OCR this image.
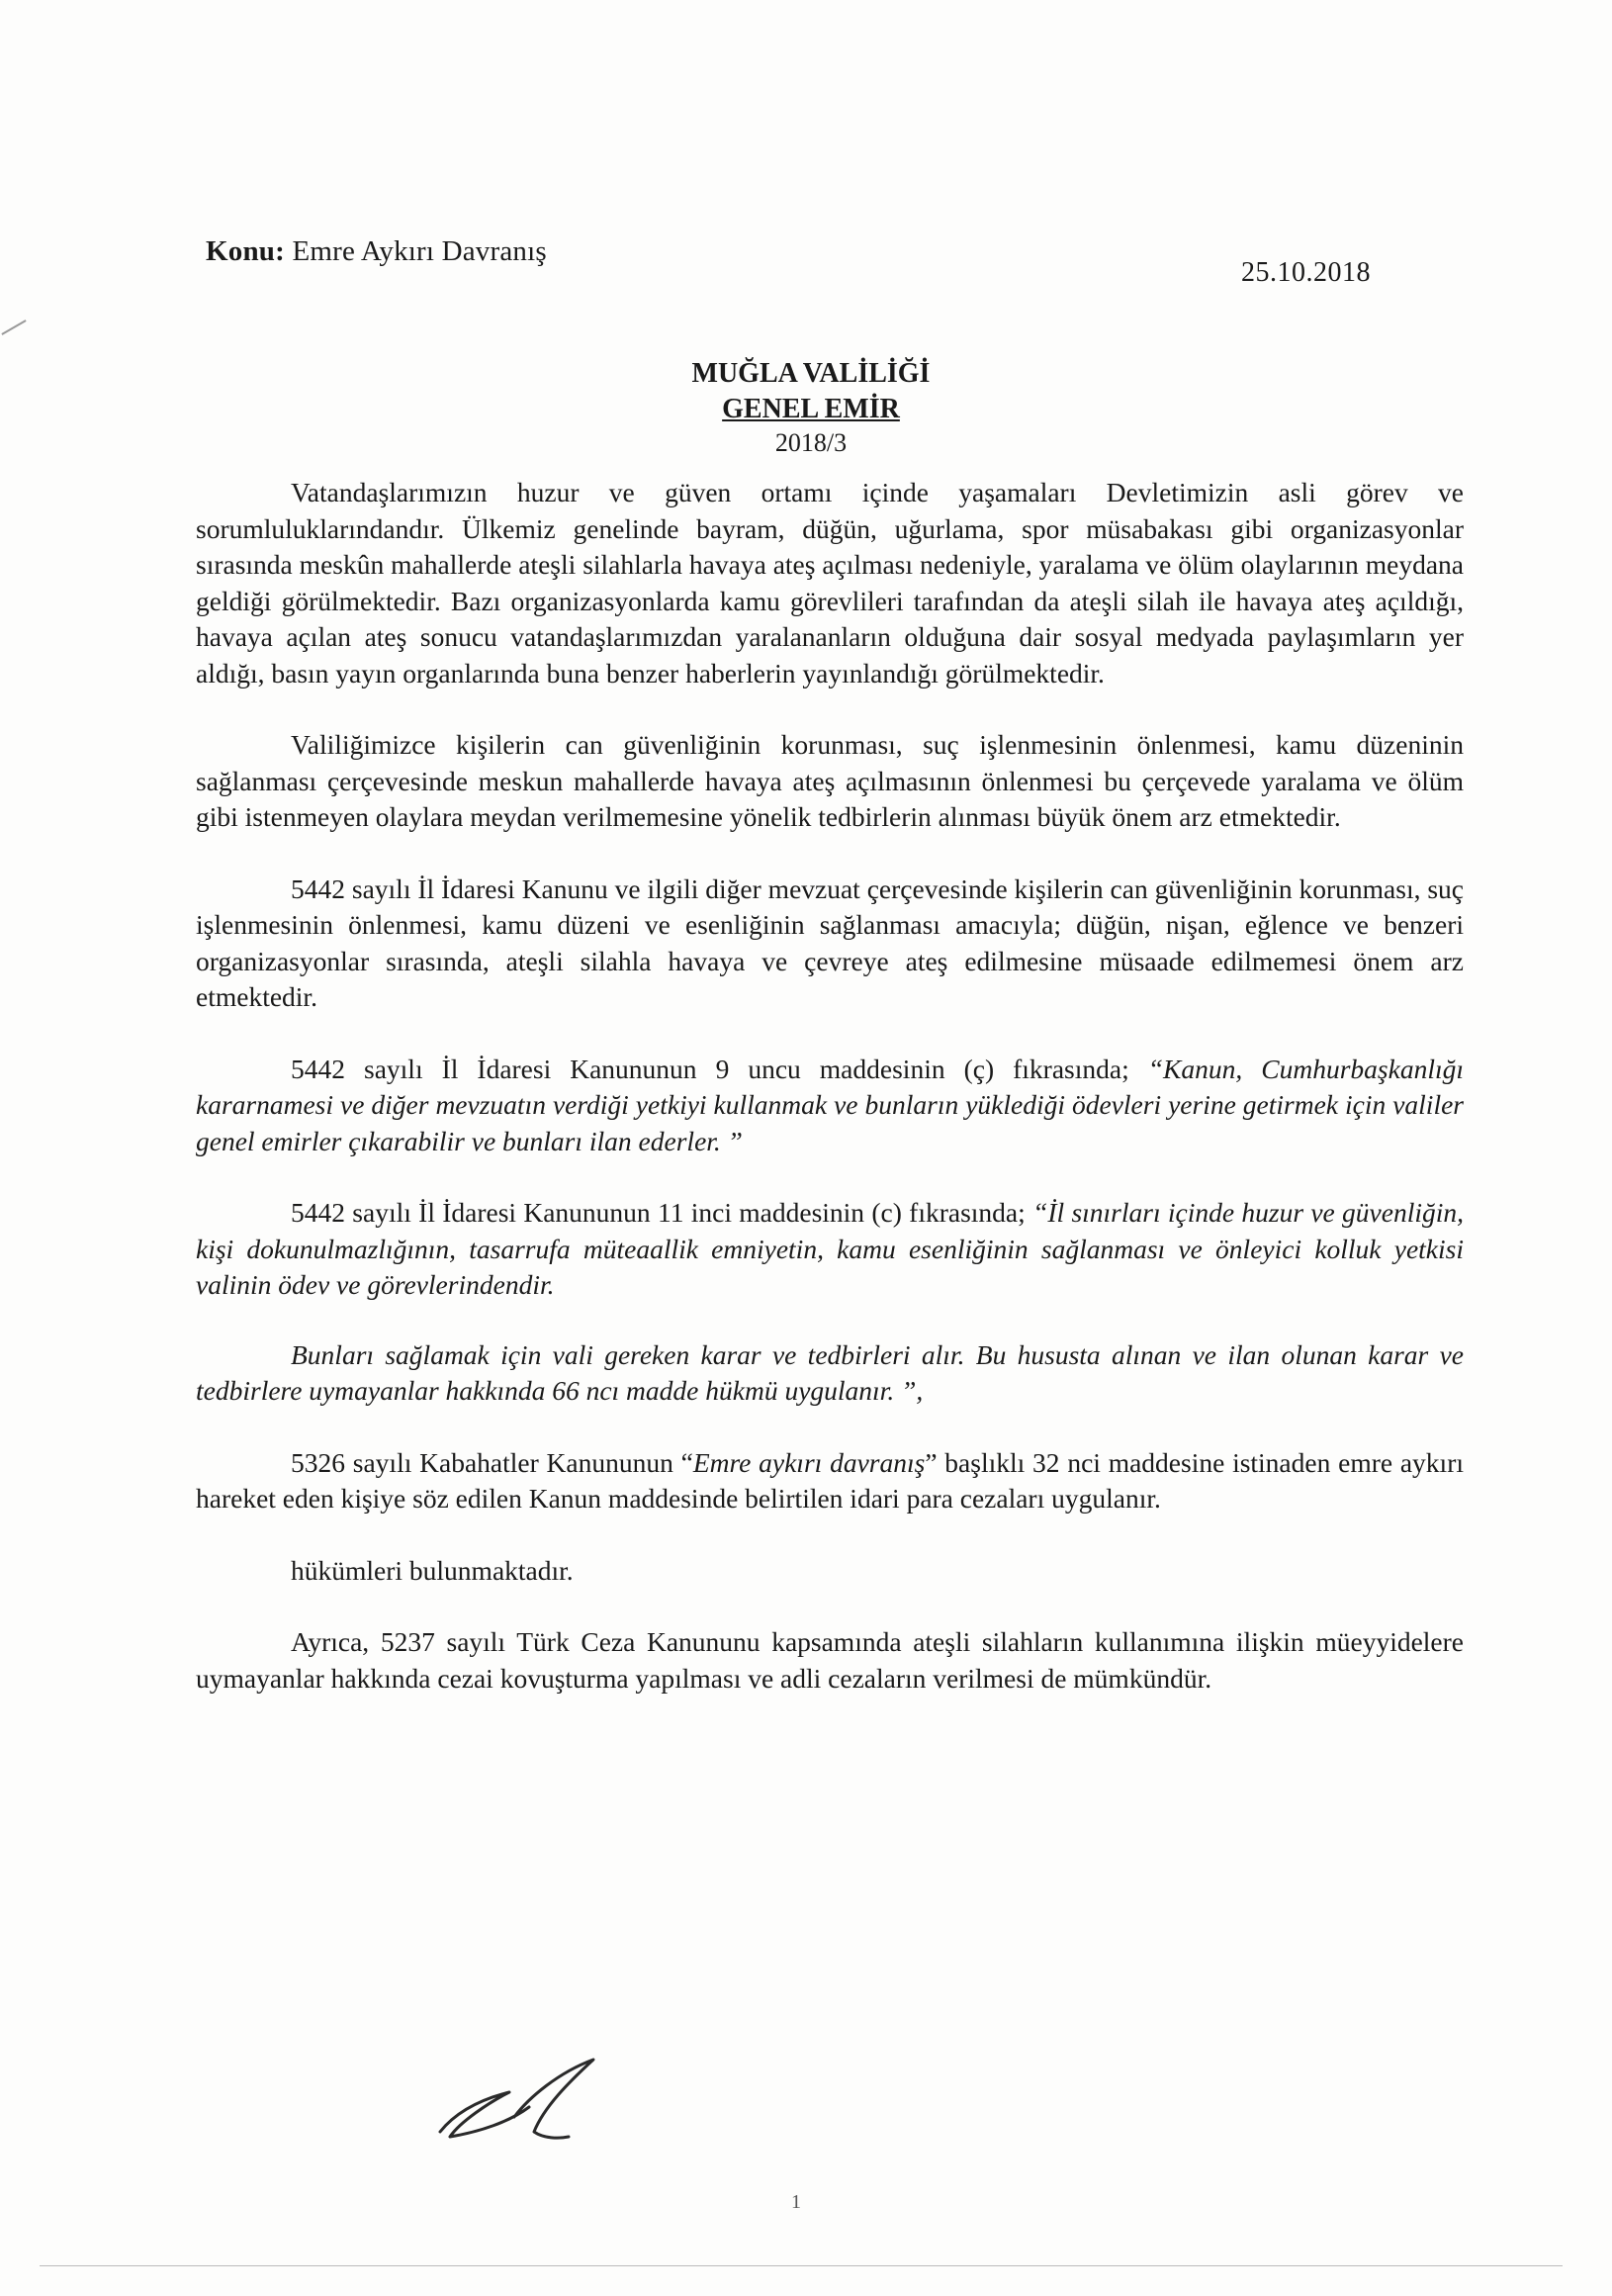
Konu: Emre Aykırı Davranış
25.10.2018
MUĞLA VALİLİĞİ
GENEL EMİR
2018/3

Vatandaşlarımızın huzur ve güven ortamı içinde yaşamaları Devletimizin asli görev ve sorumluluklarındandır. Ülkemiz genelinde bayram, düğün, uğurlama, spor müsabakası gibi organizasyonlar sırasında meskûn mahallerde ateşli silahlarla havaya ateş açılması nedeniyle, yaralama ve ölüm olaylarının meydana geldiği görülmektedir. Bazı organizasyonlarda kamu görevlileri tarafından da ateşli silah ile havaya ateş açıldığı, havaya açılan ateş sonucu vatandaşlarımızdan yaralananların olduğuna dair sosyal medyada paylaşımların yer aldığı, basın yayın organlarında buna benzer haberlerin yayınlandığı görülmektedir.

Valiliğimizce kişilerin can güvenliğinin korunması, suç işlenmesinin önlenmesi, kamu düzeninin sağlanması çerçevesinde meskun mahallerde havaya ateş açılmasının önlenmesi bu çerçevede yaralama ve ölüm gibi istenmeyen olaylara meydan verilmemesine yönelik tedbirlerin alınması büyük önem arz etmektedir.

5442 sayılı İl İdaresi Kanunu ve ilgili diğer mevzuat çerçevesinde kişilerin can güvenliğinin korunması, suç işlenmesinin önlenmesi, kamu düzeni ve esenliğinin sağlanması amacıyla; düğün, nişan, eğlence ve benzeri organizasyonlar sırasında, ateşli silahla havaya ve çevreye ateş edilmesine müsaade edilmemesi önem arz etmektedir.

5442 sayılı İl İdaresi Kanununun 9 uncu maddesinin (ç) fıkrasında; “Kanun, Cumhurbaşkanlığı kararnamesi ve diğer mevzuatın verdiği yetkiyi kullanmak ve bunların yüklediği ödevleri yerine getirmek için valiler genel emirler çıkarabilir ve bunları ilan ederler. ”

5442 sayılı İl İdaresi Kanununun 11 inci maddesinin (c) fıkrasında; “İl sınırları içinde huzur ve güvenliğin, kişi dokunulmazlığının, tasarrufa müteaallik emniyetin, kamu esenliğinin sağlanması ve önleyici kolluk yetkisi valinin ödev ve görevlerindendir.

Bunları sağlamak için vali gereken karar ve tedbirleri alır. Bu hususta alınan ve ilan olunan karar ve tedbirlere uymayanlar hakkında 66 ncı madde hükmü uygulanır. ”,

5326 sayılı Kabahatler Kanununun “Emre aykırı davranış” başlıklı 32 nci maddesine istinaden emre aykırı hareket eden kişiye söz edilen Kanun maddesinde belirtilen idari para cezaları uygulanır.

hükümleri bulunmaktadır.

Ayrıca, 5237 sayılı Türk Ceza Kanununu kapsamında ateşli silahların kullanımına ilişkin müeyyidelere uymayanlar hakkında cezai kovuşturma yapılması ve adli cezaların verilmesi de mümkündür.

1
